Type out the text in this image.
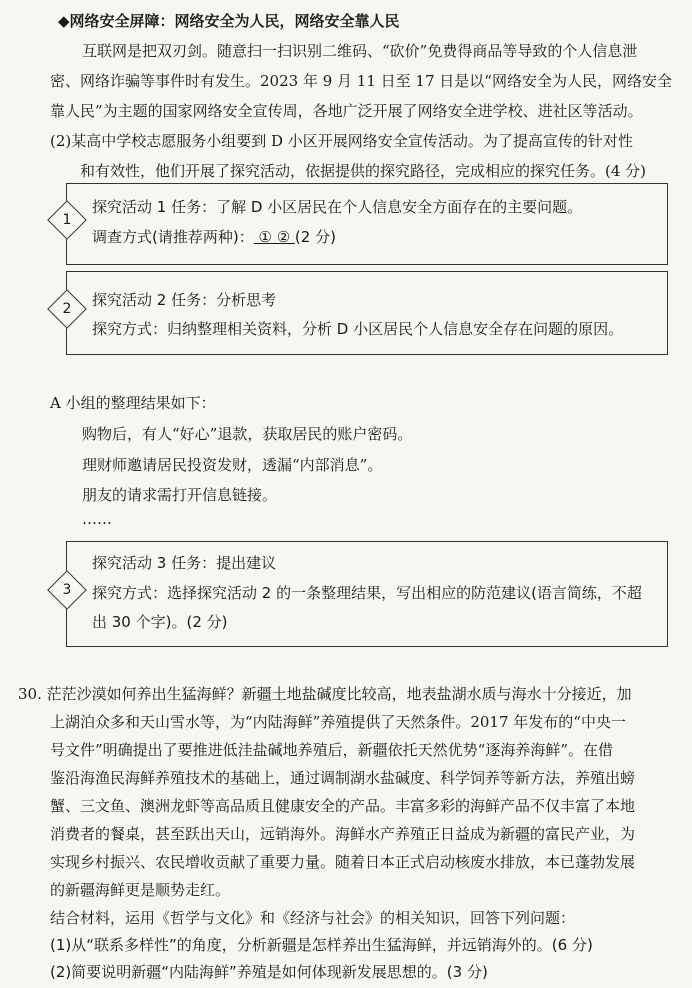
◆网络安全屏障：网络安全为人民，网络安全靠人民
互联网是把双刃剑。随意扫一扫识别二维码、“砍价”免费得商品等导致的个人信息泄
密、网络诈骗等事件时有发生。2023 年 9 月 11 日至 17 日是以“网络安全为人民，网络安全
靠人民”为主题的国家网络安全宣传周，各地广泛开展了网络安全进学校、进社区等活动。
(2)某高中学校志愿服务小组要到 D 小区开展网络安全宣传活动。为了提高宣传的针对性
和有效性，他们开展了探究活动，依据提供的探究路径，完成相应的探究任务。(4 分)
1
探究活动 1 任务：了解 D 小区居民在个人信息安全方面存在的主要问题。
调查方式(请推荐两种)： ① ② (2 分)
2	探究活动 2 任务：分析思考
探究方式：归纳整理相关资料，分析 D 小区居民个人信息安全存在问题的原因。
A 小组的整理结果如下：
购物后，有人“好心”退款，获取居民的账户密码。
理财师邀请居民投资发财，透漏“内部消息”。
朋友的请求需打开信息链接。
……
3
探究活动 3 任务：提出建议
探究方式：选择探究活动 2 的一条整理结果，写出相应的防范建议(语言简练，不超
出 30 个字)。(2 分)
30. 茫茫沙漠如何养出生猛海鲜？新疆土地盐碱度比较高，地表盐湖水质与海水十分接近，加
上湖泊众多和天山雪水等，为“内陆海鲜”养殖提供了天然条件。2017 年发布的“中央一
号文件”明确提出了要推进低洼盐碱地养殖后，新疆依托天然优势“逐海养海鲜”。在借
鉴沿海渔民海鲜养殖技术的基础上，通过调制湖水盐碱度、科学饲养等新方法，养殖出螃
蟹、三文鱼、澳洲龙虾等高品质且健康安全的产品。丰富多彩的海鲜产品不仅丰富了本地
消费者的餐桌，甚至跃出天山，远销海外。海鲜水产养殖正日益成为新疆的富民产业，为
实现乡村振兴、农民增收贡献了重要力量。随着日本正式启动核废水排放，本已蓬勃发展
的新疆海鲜更是顺势走红。
结合材料，运用《哲学与文化》和《经济与社会》的相关知识，回答下列问题：
(1)从“联系多样性”的角度，分析新疆是怎样养出生猛海鲜，并远销海外的。(6 分)
(2)简要说明新疆“内陆海鲜”养殖是如何体现新发展思想的。(3 分)
